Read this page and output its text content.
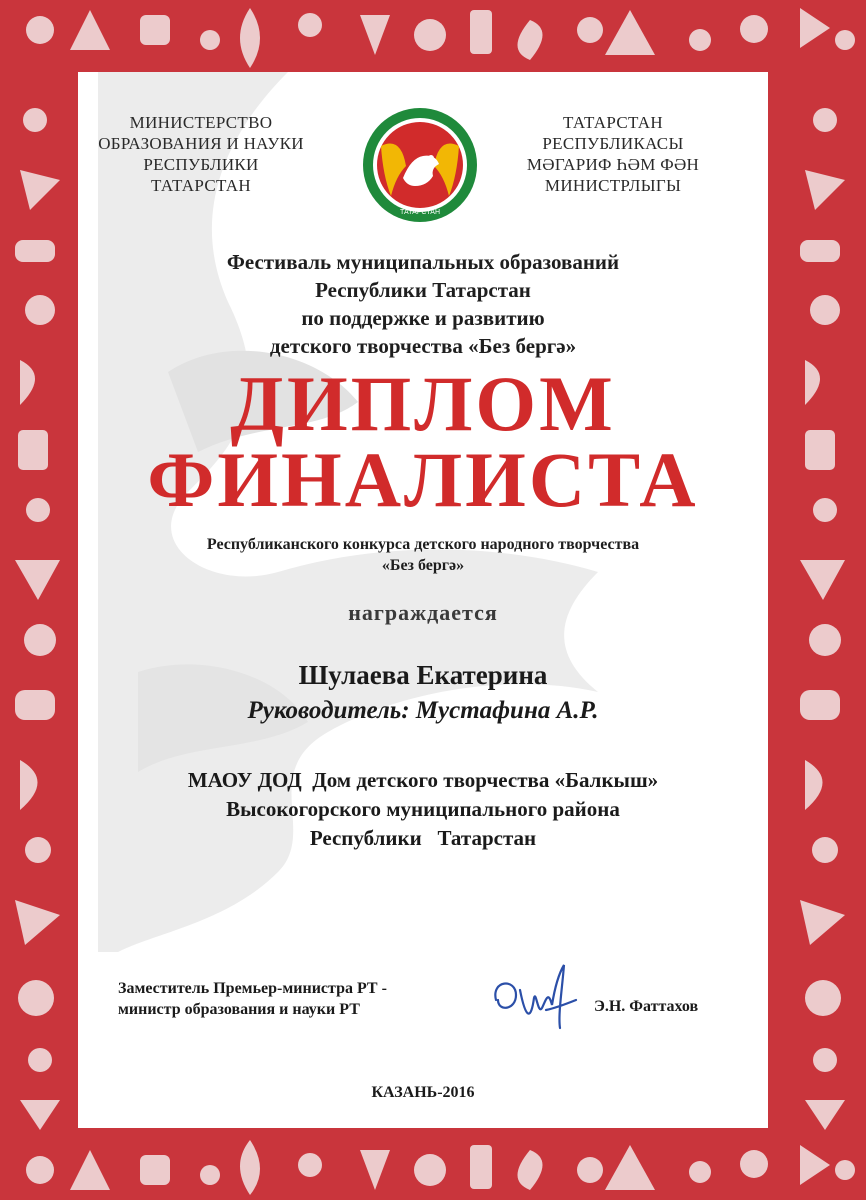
МИНИСТЕРСТВО
ОБРАЗОВАНИЯ И НАУКИ
РЕСПУБЛИКИ
ТАТАРСТАН
ТАТАРСТАН
ТАТАРСТАН
РЕСПУБЛИКАСЫ
МӘГАРИФ ҺӘМ ФӘН
МИНИСТРЛЫГЫ
Фестиваль муниципальных образований
Республики Татарстан
по поддержке и развитию
детского творчества «Без бергә»
ДИПЛОМ
ФИНАЛИСТА
Республиканского конкурса детского народного творчества
«Без бергә»
награждается
Шулаева Екатерина
Руководитель: Мустафина А.Р.
МАОУ ДОД  Дом детского творчества «Балкыш»
Высокогорского муниципального района
Республики   Татарстан
Заместитель Премьер-министра РТ -
министр образования и науки РТ	Э.Н. Фаттахов
КАЗАНЬ-2016
